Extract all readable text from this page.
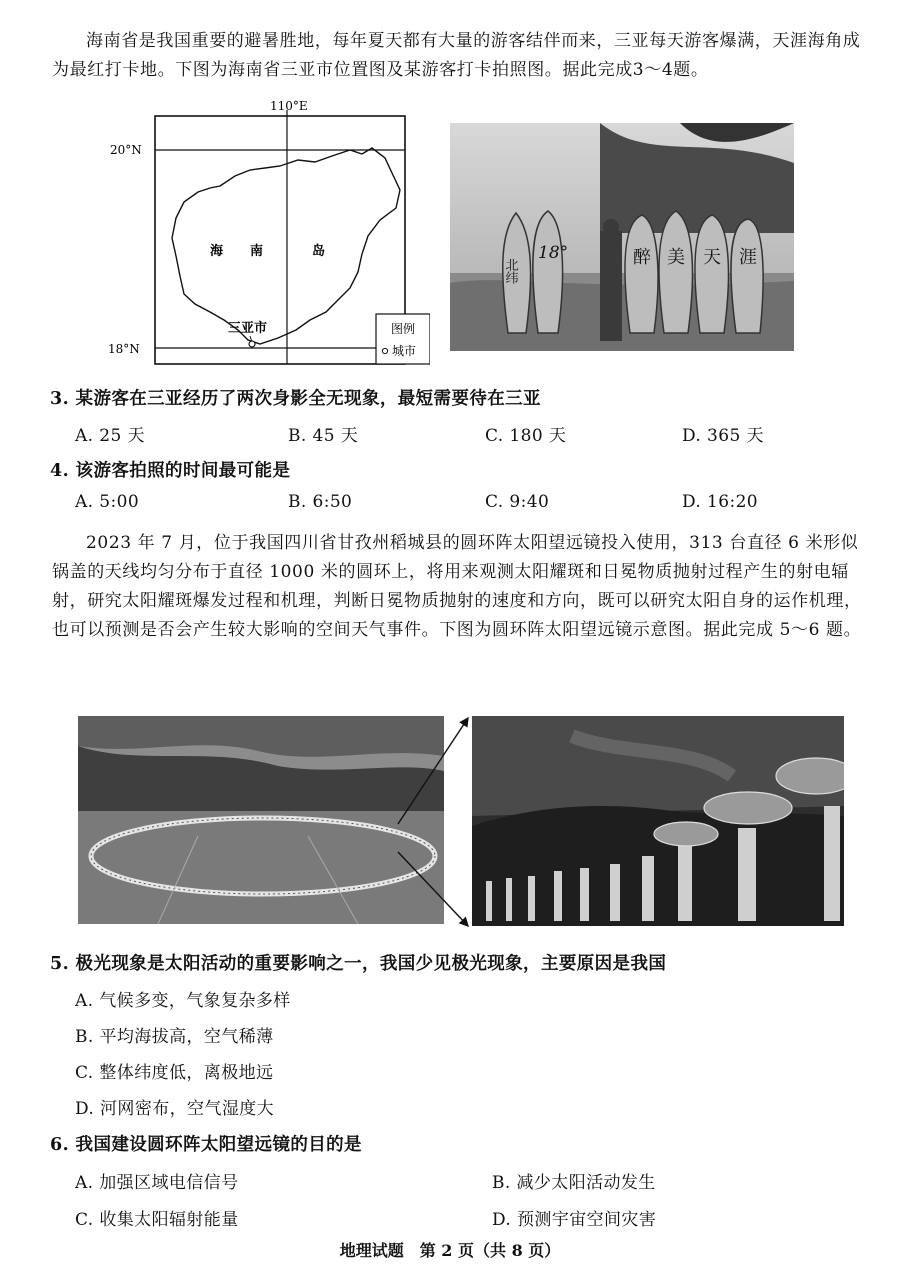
海南省是我国重要的避暑胜地，每年夏天都有大量的游客结伴而来，三亚每天游客爆满，天涯海角成为最红打卡地。下图为海南省三亚市位置图及某游客打卡拍照图。据此完成3～4题。
110°E
20°N
18°N
海 南	岛
三亚市	图例
城市
北纬
18°	醉 美 天 涯
3. 某游客在三亚经历了两次身影全无现象，最短需要待在三亚
A. 25 天	B. 45 天	C. 180 天	D. 365 天
4. 该游客拍照的时间最可能是
A. 5:00	B. 6:50	C. 9:40	D. 16:20
2023 年 7 月，位于我国四川省甘孜州稻城县的圆环阵太阳望远镜投入使用，313 台直径 6 米形似锅盖的天线均匀分布于直径 1000 米的圆环上，将用来观测太阳耀斑和日冕物质抛射过程产生的射电辐射，研究太阳耀斑爆发过程和机理，判断日冕物质抛射的速度和方向，既可以研究太阳自身的运作机理，也可以预测是否会产生较大影响的空间天气事件。下图为圆环阵太阳望远镜示意图。据此完成 5～6 题。
5. 极光现象是太阳活动的重要影响之一，我国少见极光现象，主要原因是我国
A. 气候多变，气象复杂多样
B. 平均海拔高，空气稀薄
C. 整体纬度低，离极地远
D. 河网密布，空气湿度大
6. 我国建设圆环阵太阳望远镜的目的是
A. 加强区域电信信号	B. 减少太阳活动发生
C. 收集太阳辐射能量	D. 预测宇宙空间灾害
地理试题　第 2 页（共 8 页）
